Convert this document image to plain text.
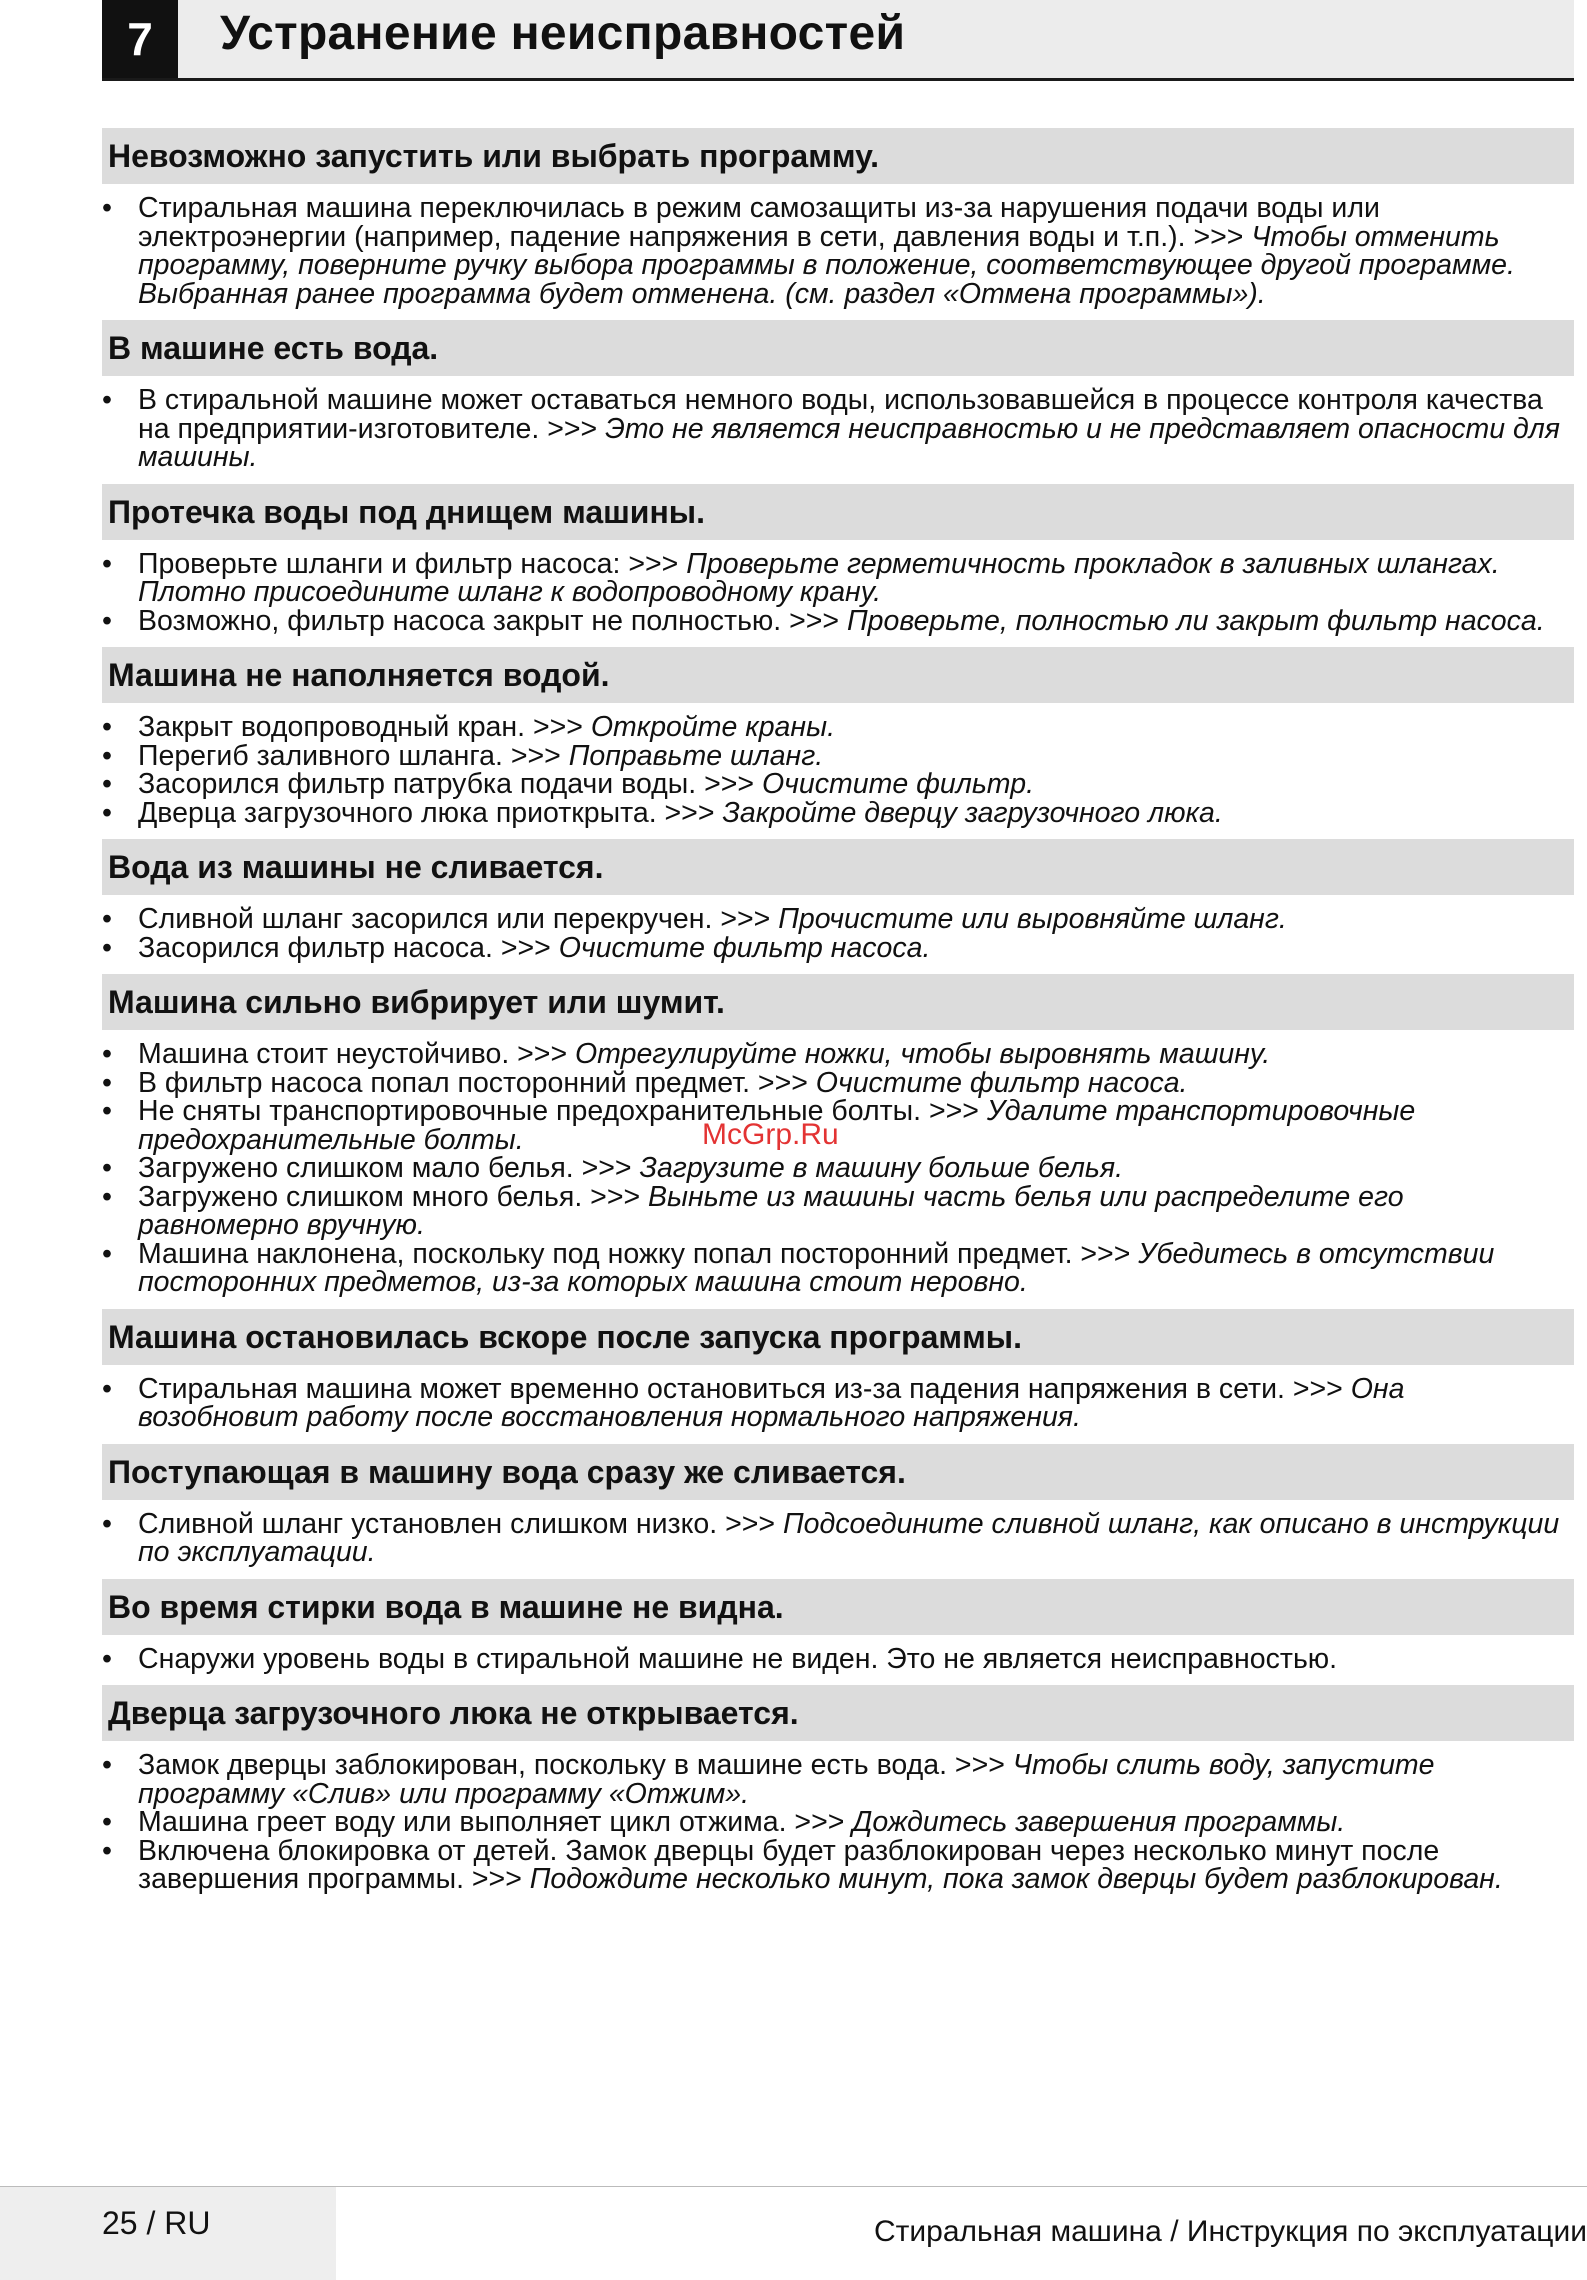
7	Устранение неисправностей
Невозможно запустить или выбрать программу.
• Стиральная машина переключилась в режим самозащиты из-за нарушения подачи воды или электроэнергии (например, падение напряжения в сети, давления воды и т.п.). >>> Чтобы отменить программу, поверните ручку выбора программы в положение, соответствующее другой программе. Выбранная ранее программа будет отменена. (см. раздел «Отмена программы»).
В машине есть вода.
• В стиральной машине может оставаться немного воды, использовавшейся в процессе контроля качества на предприятии-изготовителе. >>> Это не является неисправностью и не представляет опасности для машины.
Протечка воды под днищем машины.
• Проверьте шланги и фильтр насоса: >>> Проверьте герметичность прокладок в заливных шлангах. Плотно присоедините шланг к водопроводному крану.
• Возможно, фильтр насоса закрыт не полностью. >>> Проверьте, полностью ли закрыт фильтр насоса.
Машина не наполняется водой.
• Закрыт водопроводный кран. >>> Откройте краны.
• Перегиб заливного шланга. >>> Поправьте шланг.
• Засорился фильтр патрубка подачи воды. >>> Очистите фильтр.
• Дверца загрузочного люка приоткрыта. >>> Закройте дверцу загрузочного люка.
Вода из машины не сливается.
• Сливной шланг засорился или перекручен. >>> Прочистите или выровняйте шланг.
• Засорился фильтр насоса. >>> Очистите фильтр насоса.
Машина сильно вибрирует или шумит.
• Машина стоит неустойчиво. >>> Отрегулируйте ножки, чтобы выровнять машину.
• В фильтр насоса попал посторонний предмет. >>> Очистите фильтр насоса.
• Не сняты транспортировочные предохранительные болты. >>> Удалите транспортировочные предохранительные болты.
• Загружено слишком мало белья. >>> Загрузите в машину больше белья.
• Загружено слишком много белья. >>> Выньте из машины часть белья или распределите его равномерно вручную.
• Машина наклонена, поскольку под ножку попал посторонний предмет. >>> Убедитесь в отсутствии посторонних предметов, из-за которых машина стоит неровно.
Машина остановилась вскоре после запуска программы.
• Стиральная машина может временно остановиться из-за падения напряжения в сети. >>> Она возобновит работу после восстановления нормального напряжения.
Поступающая в машину вода сразу же сливается.
• Сливной шланг установлен слишком низко. >>> Подсоедините сливной шланг, как описано в инструкции по эксплуатации.
Во время стирки вода в машине не видна.
• Снаружи уровень воды в стиральной машине не виден. Это не является неисправностью.
Дверца загрузочного люка не открывается.
• Замок дверцы заблокирован, поскольку в машине есть вода. >>> Чтобы слить воду, запустите программу «Слив» или программу «Отжим».
• Машина греет воду или выполняет цикл отжима. >>> Дождитесь завершения программы.
• Включена блокировка от детей. Замок дверцы будет разблокирован через несколько минут после завершения программы. >>> Подождите несколько минут, пока замок дверцы будет разблокирован.
McGrp.Ru
25 / RU	Стиральная машина / Инструкция по эксплуатации
